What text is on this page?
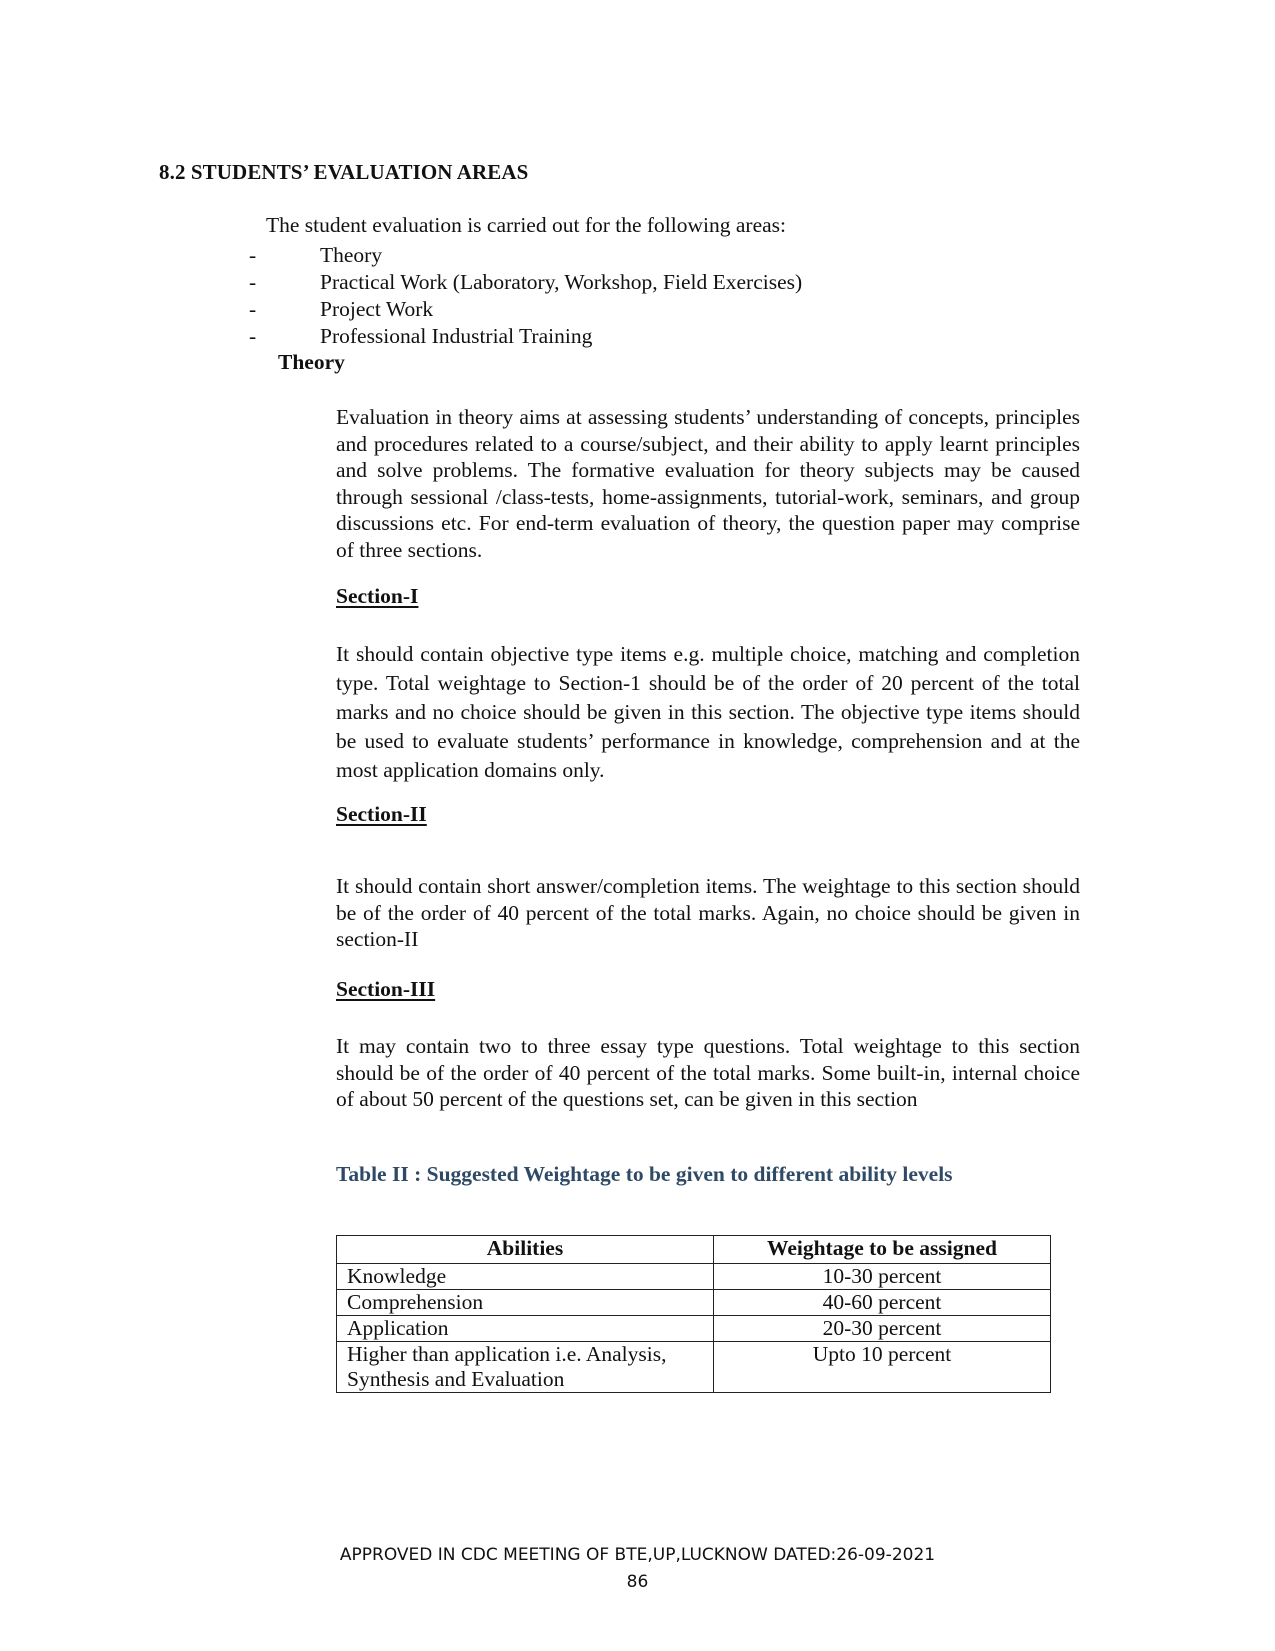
8.2 STUDENTS’ EVALUATION AREAS
The student evaluation is carried out for the following areas:
-	Theory
-	Practical Work (Laboratory, Workshop, Field Exercises)
-	Project Work
-	Professional Industrial Training
Theory

Evaluation in theory aims at assessing students’ understanding of concepts, principles and procedures related to a course/subject, and their ability to apply learnt principles and solve problems. The formative evaluation for theory subjects may be caused through sessional /class-tests, home-assignments, tutorial-work, seminars, and group discussions etc. For end-term evaluation of theory, the question paper may comprise of three sections.

Section-I

It should contain objective type items e.g. multiple choice, matching and completion type. Total weightage to Section-1 should be of the order of 20 percent of the total marks and no choice should be given in this section. The objective type items should be used to evaluate students’ performance in knowledge, comprehension and at the most application domains only.

Section-II

It should contain short answer/completion items. The weightage to this section should be of the order of 40 percent of the total marks. Again, no choice should be given in section-II

Section-III

It may contain two to three essay type questions. Total weightage to this section should be of the order of 40 percent of the total marks. Some built-in, internal choice of about 50 percent of the questions set, can be given in this section

Table II : Suggested Weightage to be given to different ability levels
Abilities	Weightage to be assigned
Knowledge	10-30 percent
Comprehension	40-60 percent
Application	20-30 percent
Higher than application i.e. Analysis, Synthesis and Evaluation	Upto 10 percent
APPROVED IN CDC MEETING OF BTE,UP,LUCKNOW DATED:26-09-2021
86
